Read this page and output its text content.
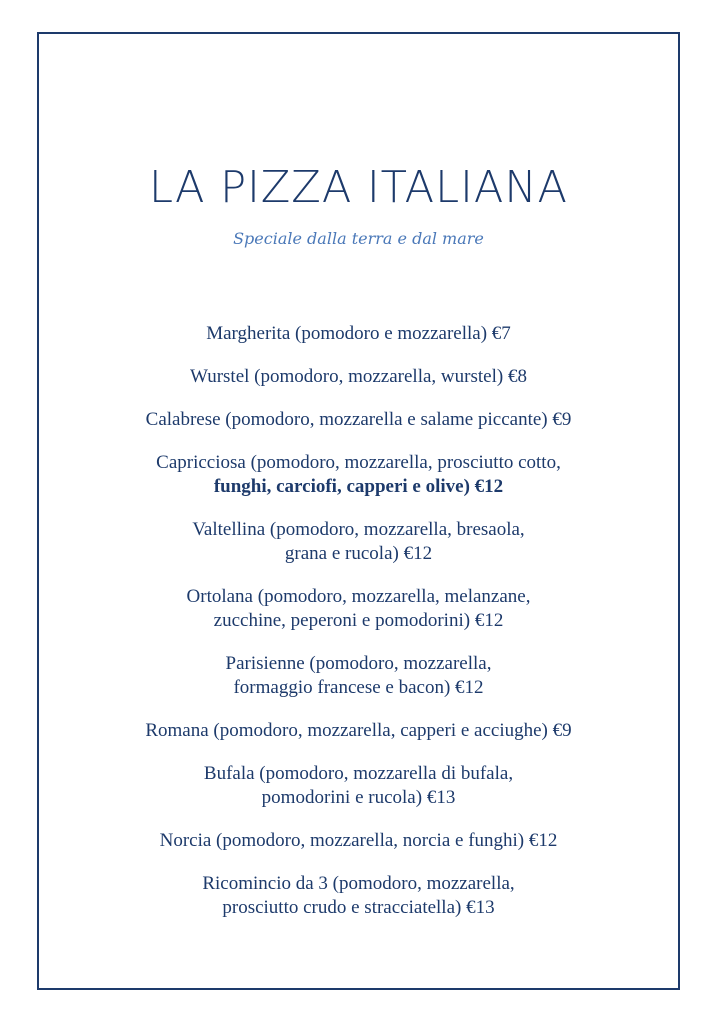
LA PIZZA ITALIANA
Speciale dalla terra e dal mare
Margherita (pomodoro e mozzarella) €7
Wurstel (pomodoro, mozzarella, wurstel) €8
Calabrese (pomodoro, mozzarella e salame piccante) €9
Capricciosa (pomodoro, mozzarella, prosciutto cotto,
funghi, carciofi, capperi e olive) €12
Valtellina (pomodoro, mozzarella, bresaola,
grana e rucola) €12
Ortolana (pomodoro, mozzarella, melanzane,
zucchine, peperoni e pomodorini) €12
Parisienne (pomodoro, mozzarella,
formaggio francese e bacon) €12
Romana (pomodoro, mozzarella, capperi e acciughe) €9
Bufala (pomodoro, mozzarella di bufala,
pomodorini e rucola) €13
Norcia (pomodoro, mozzarella, norcia e funghi) €12
Ricomincio da 3 (pomodoro, mozzarella,
prosciutto crudo e stracciatella) €13
